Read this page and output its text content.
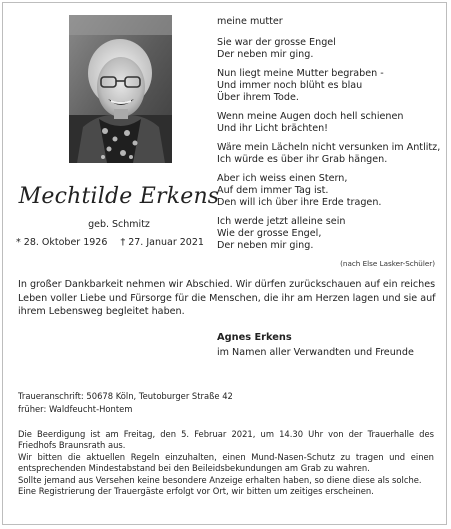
Mechtilde Erkens
geb. Schmitz
* 28. Oktober 1926 † 27. Januar 2021
meine mutter
Sie war der grosse Engel
Der neben mir ging.
Nun liegt meine Mutter begraben -
Und immer noch blüht es blau
Über ihrem Tode.
Wenn meine Augen doch hell schienen
Und ihr Licht brächten!
Wäre mein Lächeln nicht versunken im Antlitz,
Ich würde es über ihr Grab hängen.
Aber ich weiss einen Stern,
Auf dem immer Tag ist.
Den will ich über ihre Erde tragen.
Ich werde jetzt alleine sein
Wie der grosse Engel,
Der neben mir ging.
(nach Else Lasker-Schüler)
In großer Dankbarkeit nehmen wir Abschied. Wir dürfen zurückschauen auf ein reiches Leben voller Liebe und Fürsorge für die Menschen, die ihr am Herzen lagen und sie auf ihrem Lebensweg begleitet haben.
Agnes Erkens
im Namen aller Verwandten und Freunde
Traueranschrift: 50678 Köln, Teutoburger Straße 42
früher: Waldfeucht-Hontem
Die Beerdigung ist am Freitag, den 5. Februar 2021, um 14.30 Uhr von der Trauerhalle des
Friedhofs Braunsrath aus.
Wir bitten die aktuellen Regeln einzuhalten, einen Mund-Nasen-Schutz zu tragen und einen
entsprechenden Mindestabstand bei den Beileidsbekundungen am Grab zu wahren.
Sollte jemand aus Versehen keine besondere Anzeige erhalten haben, so diene diese als solche.
Eine Registrierung der Trauergäste erfolgt vor Ort, wir bitten um zeitiges erscheinen.
